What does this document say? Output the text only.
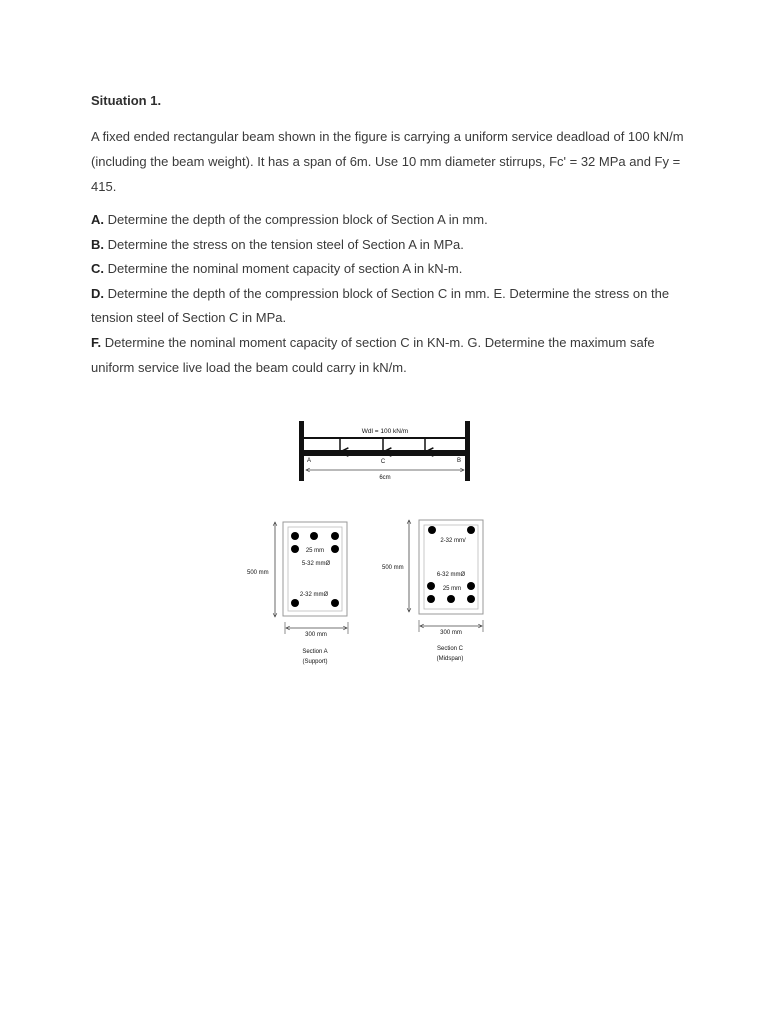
Situation 1.
A fixed ended rectangular beam shown in the figure is carrying a uniform service deadload of 100 kN/m (including the beam weight). It has a span of 6m. Use 10 mm diameter stirrups, Fc' = 32 MPa and Fy = 415.
A. Determine the depth of the compression block of Section A in mm.
B. Determine the stress on the tension steel of Section A in MPa.
C. Determine the nominal moment capacity of section A in kN-m.
D. Determine the depth of the compression block of Section C in mm. E. Determine the stress on the tension steel of Section C in MPa.
F. Determine the nominal moment capacity of section C in KN-m. G. Determine the maximum safe uniform service live load the beam could carry in kN/m.
Wdl = 100 kN/m
A	C	B
6cm
500 mm
25 mm
5-32 mmØ
2-32 mmØ
300 mm
Section A
(Support)
500 mm
2-32 mm/
6-32 mmØ
25 mm
300 mm
Section C
(Midspan)
